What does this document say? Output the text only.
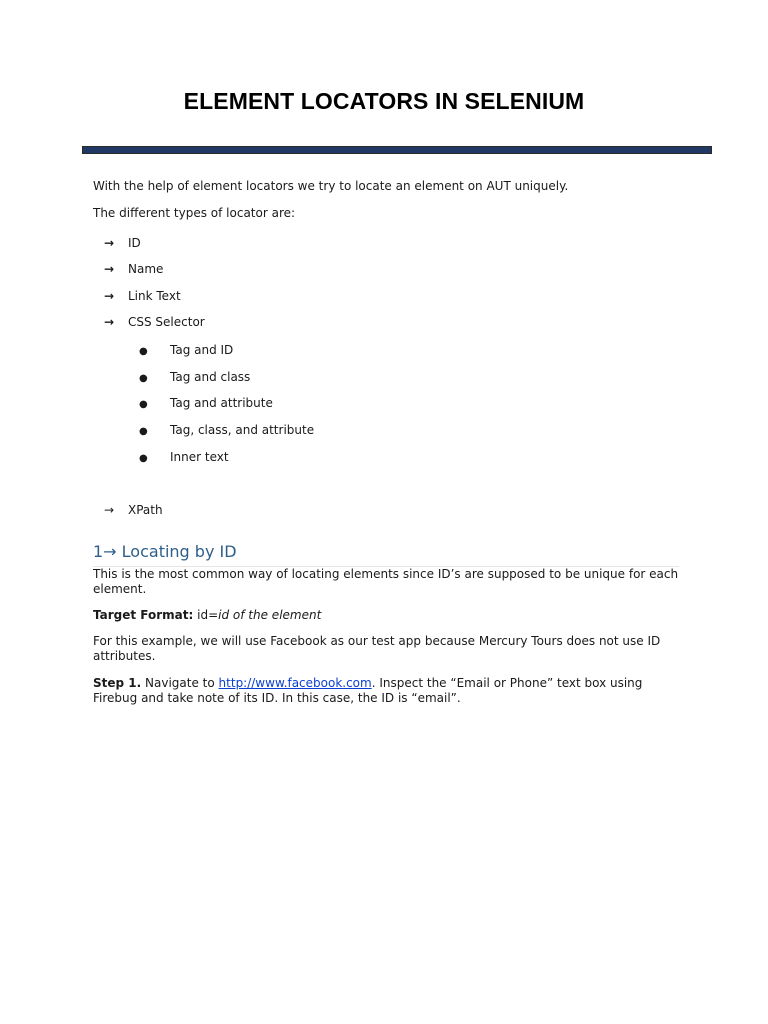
ELEMENT LOCATORS IN SELENIUM
With the help of element locators we try to locate an element on AUT uniquely.
The different types of locator are:
→ ID
→ Name
→ Link Text
→ CSS Selector
● Tag and ID
● Tag and class
● Tag and attribute
● Tag, class, and attribute
● Inner text
→ XPath
1→ Locating by ID
This is the most common way of locating elements since ID’s are supposed to be unique for each element.
Target Format: id=id of the element
For this example, we will use Facebook as our test app because Mercury Tours does not use ID attributes.
Step 1. Navigate to http://www.facebook.com. Inspect the “Email or Phone” text box using Firebug and take note of its ID. In this case, the ID is “email”.
